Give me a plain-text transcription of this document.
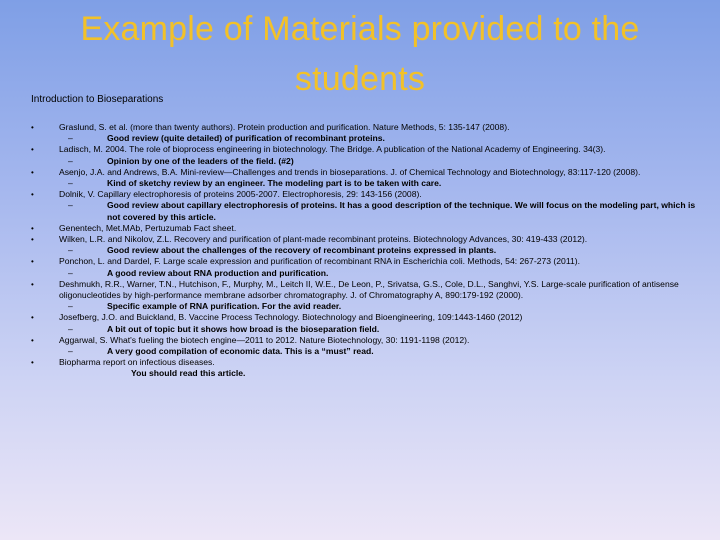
Example of Materials provided to the students
Introduction to Bioseparations
•	Graslund, S. et al. (more than twenty authors). Protein production and purification. Nature Methods, 5: 135-147 (2008).
–	Good review (quite detailed) of purification of recombinant proteins.
•	Ladisch, M. 2004. The role of bioprocess engineering in biotechnology. The Bridge. A publication of the National Academy of Engineering. 34(3).
–	Opinion by one of the leaders of the field. (#2)
•	Asenjo, J.A. and Andrews, B.A. Mini-review—Challenges and trends in bioseparations. J. of Chemical Technology and Biotechnology, 83:117-120 (2008).
–	Kind of sketchy review by an engineer. The modeling part is to be taken with care.
•	Dolnik, V. Capillary electrophoresis of proteins 2005-2007. Electrophoresis, 29: 143-156 (2008).
–	Good review about capillary electrophoresis of proteins. It has a good description of the technique. We will focus on the modeling part, which is not covered by this article.
•	Genentech, Met.MAb, Pertuzumab Fact sheet.
•	Wilken, L.R. and Nikolov, Z.L. Recovery and purification of plant-made recombinant proteins. Biotechnology Advances, 30: 419-433 (2012).
–	Good review about the challenges of the recovery of recombinant proteins expressed in plants.
•	Ponchon, L. and Dardel, F. Large scale expression and purification of recombinant RNA in Escherichia coli. Methods, 54: 267-273 (2011).
–	A good review about RNA production and purification.
•	Deshmukh, R.R., Warner, T.N., Hutchison, F., Murphy, M., Leitch II, W.E., De Leon, P., Srivatsa, G.S., Cole, D.L., Sanghvi, Y.S. Large-scale purification of antisense oligonucleotides by high-performance membrane adsorber chromatography. J. of Chromatography A, 890:179-192 (2000).
–	Specific example of RNA purification. For the avid reader.
•	Josefberg, J.O. and Buickland, B. Vaccine Process Technology. Biotechnology and Bioengineering, 109:1443-1460 (2012)
–	A bit out of topic but it shows how broad is the bioseparation field.
•	Aggarwal, S. What's fueling the biotech engine—2011 to 2012. Nature Biotechnology, 30: 1191-1198 (2012).
–	A very good compilation of economic data. This is a “must” read.
•	Biopharma report on infectious diseases.
You should read this article.
